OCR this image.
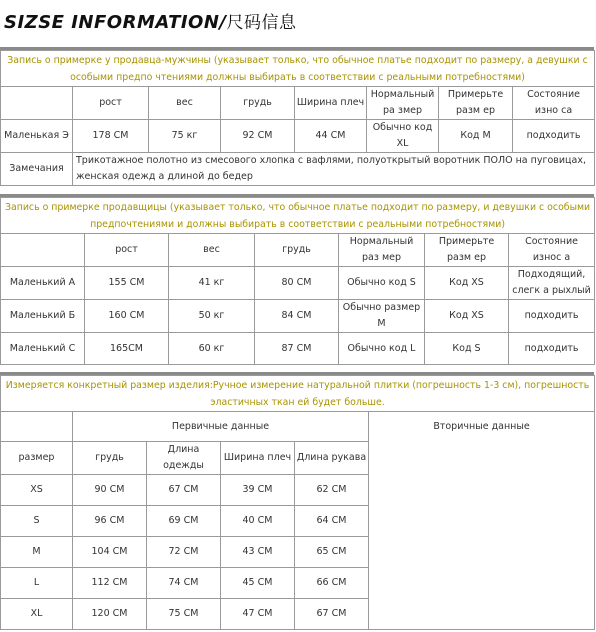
SIZSE INFORMATION/尺码信息
Запись о примерке у продавца-мужчины (указывает только, что обычное платье подходит по размеру, а девушки с особыми предпо чтениями должны выбирать в соответствии с реальными потребностями)							
	рост	вес	грудь	Ширина плеч	Нормальный ра змер	Примерьте разм ер	Состояние изно са
Маленькая Э	178 CM	75 кг	92 CM	44 CM	Обычно код XL	Код M	подходить
Замечания	Трикотажное полотно из смесового хлопка с вафлями, полуоткрытый воротник ПОЛО на пуговицах, женская одежд а длиной до бедер						
Запись о примерке продавщицы (указывает только, что обычное платье подходит по размеру, и девушки с особыми предпочтениями и должны выбирать в соответствии с реальными потребностями)						
	рост	вес	грудь	Нормальный раз мер	Примерьте разм ер	Состояние износ а
Маленький А	155 CM	41 кг	80 CM	Обычно код S	Код XS	Подходящий, слегк а рыхлый
Маленький Б	160 CM	50 кг	84 CM	Обычно размер M	Код XS	подходить
Маленький С	165CM	60 кг	87 CM	Обычно код L	Код S	подходить
Измеряется конкретный размер изделия:Ручное измерение натуральной плитки (погрешность 1-3 см), погрешность эластичных ткан ей будет больше.					
	Первичные данные				Вторичные данные
размер	грудь	Длина одежды	Ширина плеч	Длина рукава	
XS	90 CM	67 CM	39 CM	62 CM	
S	96 CM	69 CM	40 CM	64 CM	
M	104 CM	72 CM	43 CM	65 CM	
L	112 CM	74 CM	45 CM	66 CM	
XL	120 CM	75 CM	47 CM	67 CM	
